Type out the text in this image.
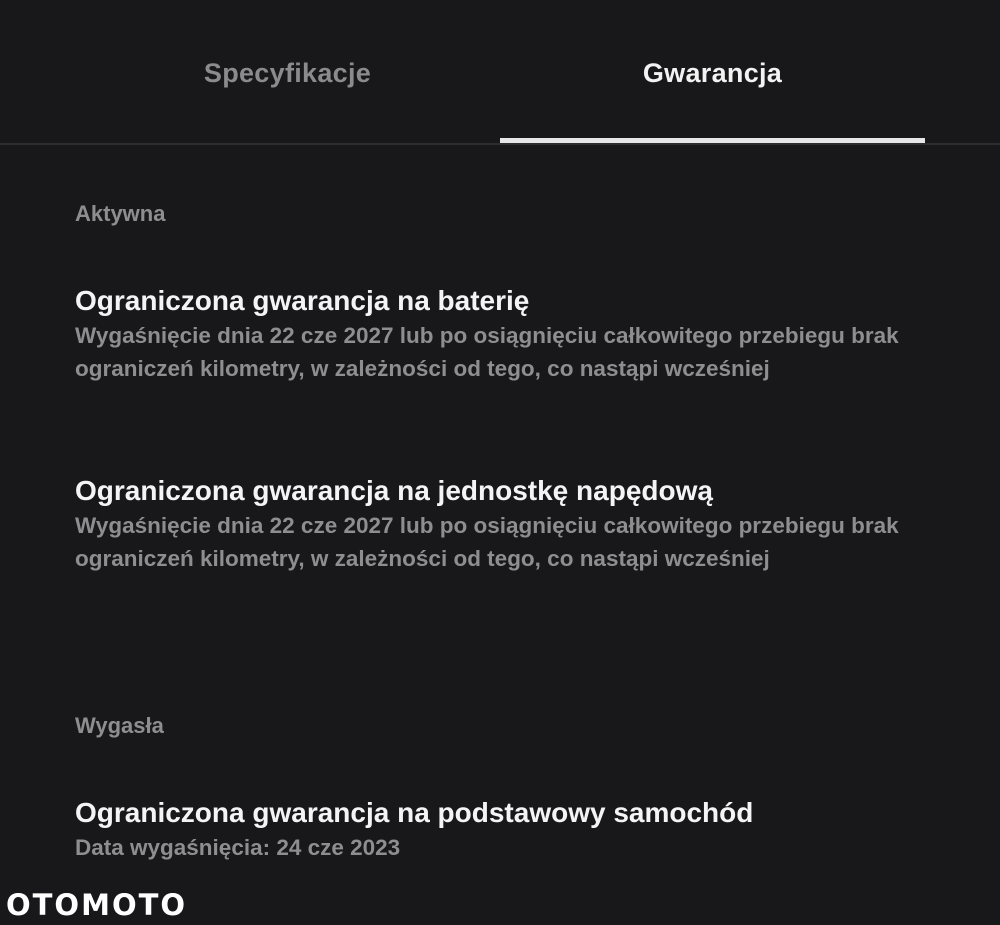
Specyfikacje	Gwarancja
Aktywna

Ograniczona gwarancja na baterię

Wygaśnięcie dnia 22 cze 2027 lub po osiągnięciu całkowitego przebiegu brak ograniczeń kilometry, w zależności od tego, co nastąpi wcześniej

Ograniczona gwarancja na jednostkę napędową

Wygaśnięcie dnia 22 cze 2027 lub po osiągnięciu całkowitego przebiegu brak ograniczeń kilometry, w zależności od tego, co nastąpi wcześniej

Wygasła

Ograniczona gwarancja na podstawowy samochód

Data wygaśnięcia: 24 cze 2023

OTOMOTO
